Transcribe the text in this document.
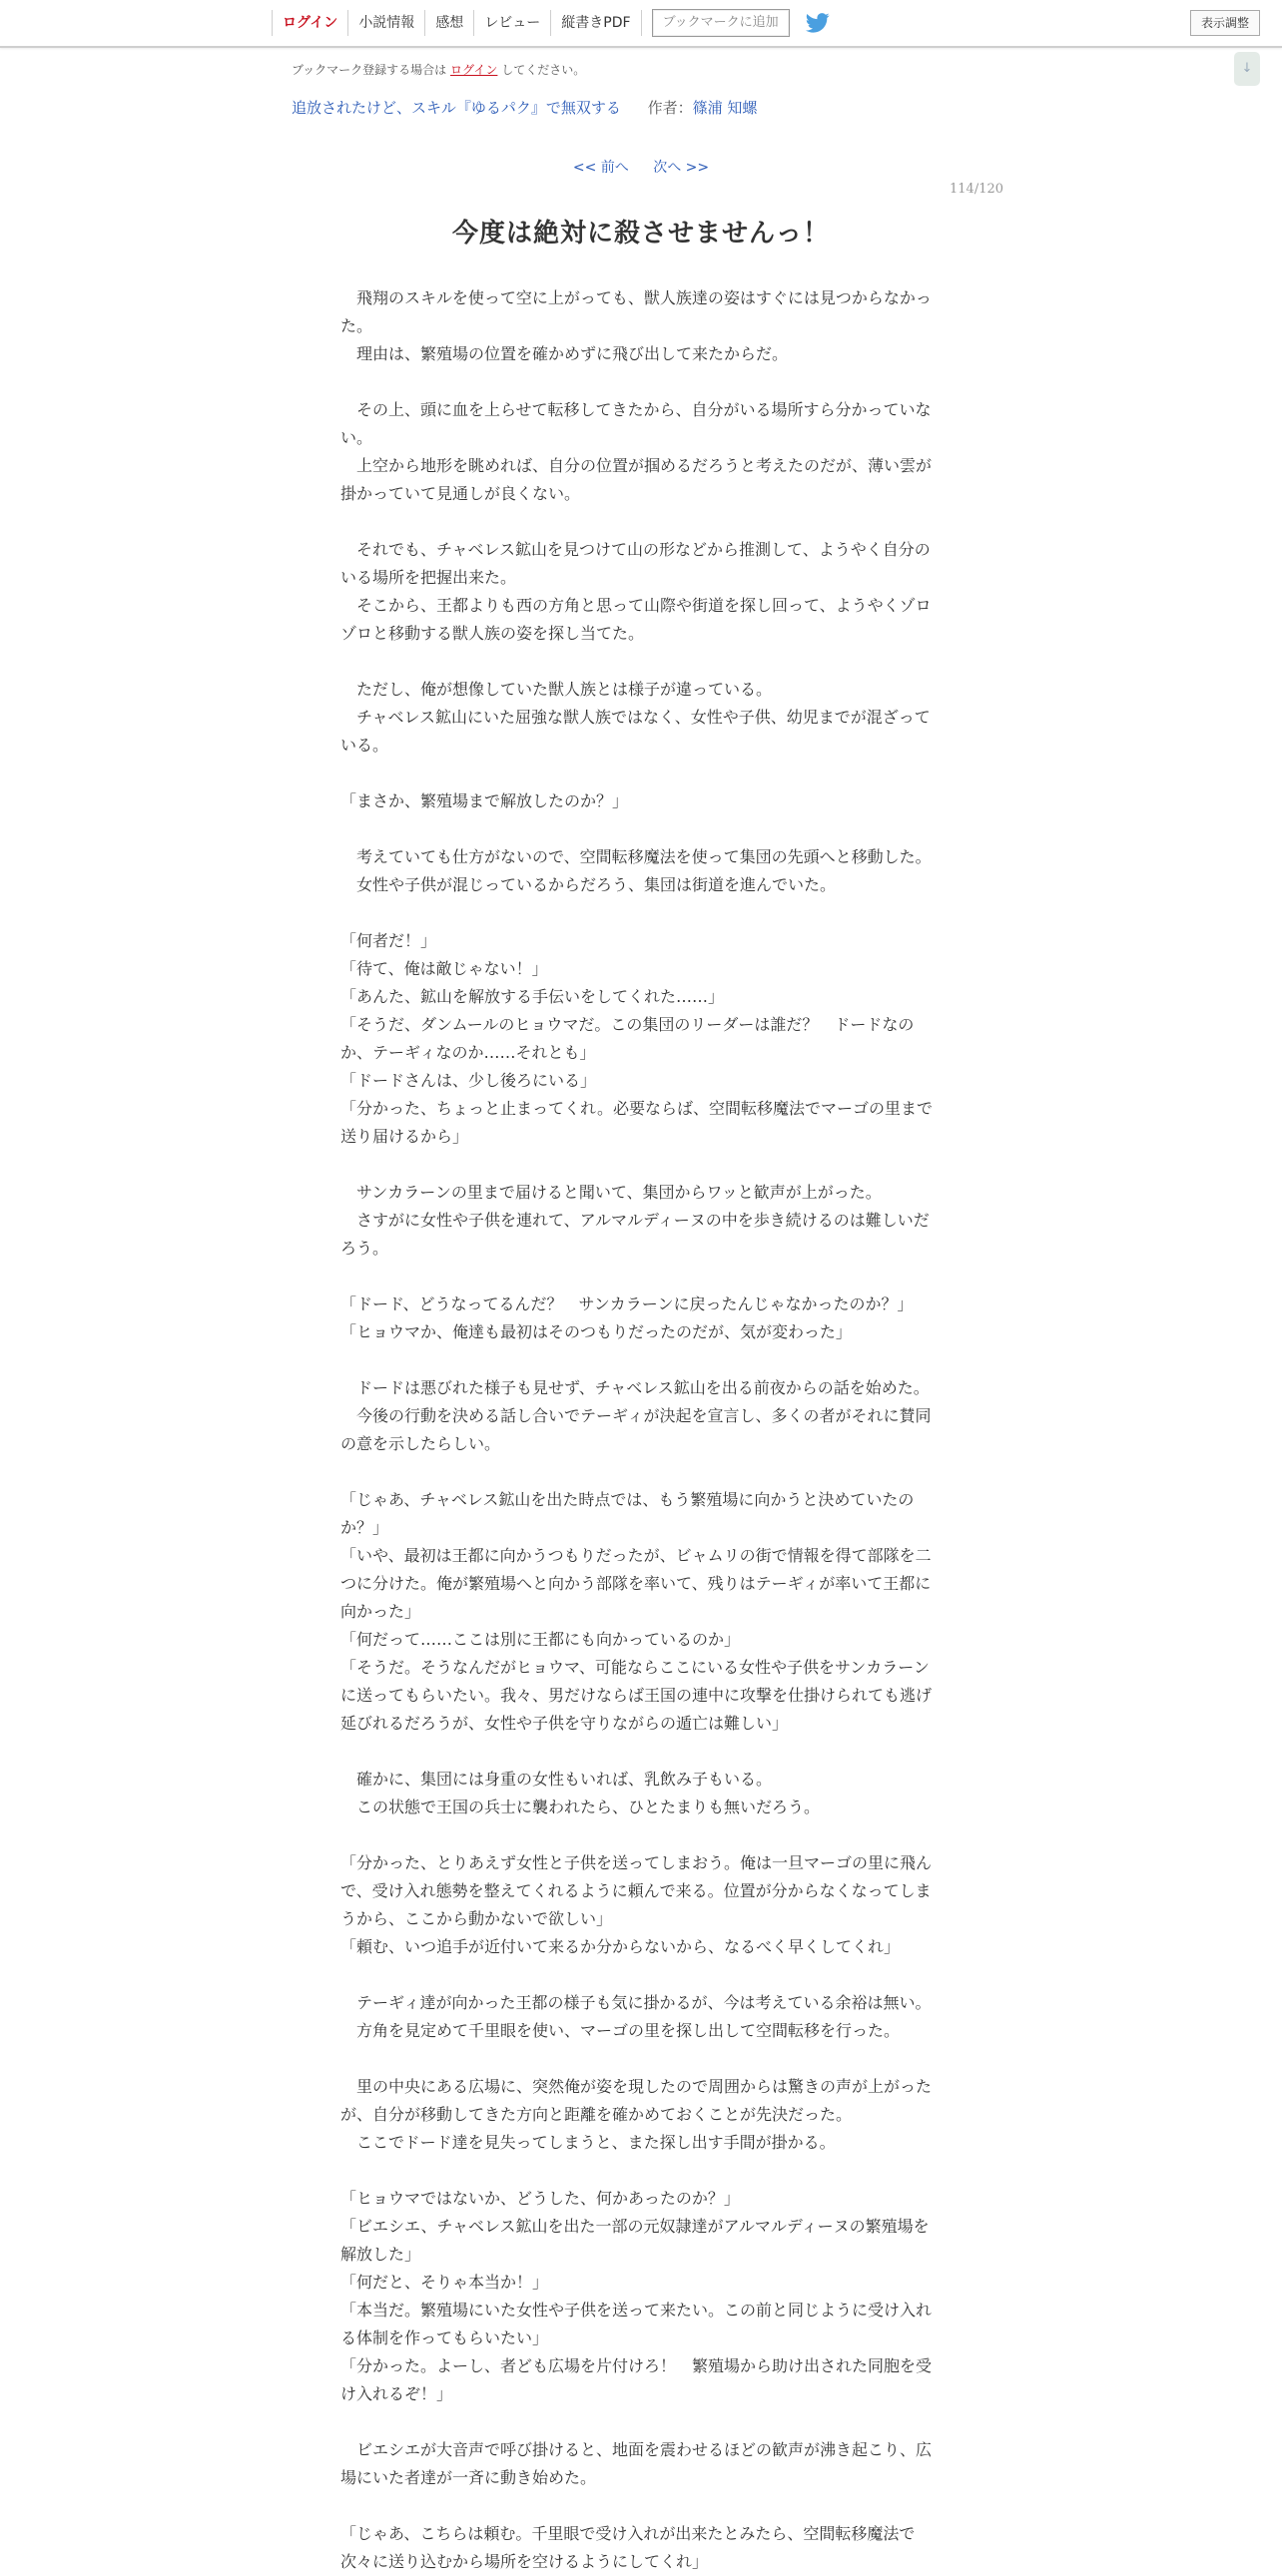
ログイン	小説情報	感想	レビュー	縦書きPDF	ブックマークに追加	表示調整
↓
ブックマーク登録する場合は ログイン してください。
追放されたけど、スキル『ゆるパク』で無双する 作者：篠浦 知螺
<< 前へ 次へ >>
114/120
今度は絶対に殺させませんっ！

　飛翔のスキルを使って空に上がっても、獣人族達の姿はすぐには見つからなかった。

　理由は、繁殖場の位置を確かめずに飛び出して来たからだ。

　その上、頭に血を上らせて転移してきたから、自分がいる場所すら分かっていない。

　上空から地形を眺めれば、自分の位置が掴めるだろうと考えたのだが、薄い雲が掛かっていて見通しが良くない。

　それでも、チャベレス鉱山を見つけて山の形などから推測して、ようやく自分のいる場所を把握出来た。

　そこから、王都よりも西の方角と思って山際や街道を探し回って、ようやくゾロゾロと移動する獣人族の姿を探し当てた。

　ただし、俺が想像していた獣人族とは様子が違っている。

　チャベレス鉱山にいた屈強な獣人族ではなく、女性や子供、幼児までが混ざっている。

「まさか、繁殖場まで解放したのか？」

　考えていても仕方がないので、空間転移魔法を使って集団の先頭へと移動した。

　女性や子供が混じっているからだろう、集団は街道を進んでいた。

「何者だ！」

「待て、俺は敵じゃない！」

「あんた、鉱山を解放する手伝いをしてくれた……」

「そうだ、ダンムールのヒョウマだ。この集団のリーダーは誰だ？　ドードなのか、テーギィなのか……それとも」

「ドードさんは、少し後ろにいる」

「分かった、ちょっと止まってくれ。必要ならば、空間転移魔法でマーゴの里まで送り届けるから」

　サンカラーンの里まで届けると聞いて、集団からワッと歓声が上がった。

　さすがに女性や子供を連れて、アルマルディーヌの中を歩き続けるのは難しいだろう。

「ドード、どうなってるんだ？　サンカラーンに戻ったんじゃなかったのか？」

「ヒョウマか、俺達も最初はそのつもりだったのだが、気が変わった」

　ドードは悪びれた様子も見せず、チャベレス鉱山を出る前夜からの話を始めた。

　今後の行動を決める話し合いでテーギィが決起を宣言し、多くの者がそれに賛同の意を示したらしい。

「じゃあ、チャベレス鉱山を出た時点では、もう繁殖場に向かうと決めていたのか？」

「いや、最初は王都に向かうつもりだったが、ビャムリの街で情報を得て部隊を二つに分けた。俺が繁殖場へと向かう部隊を率いて、残りはテーギィが率いて王都に向かった」

「何だって……ここは別に王都にも向かっているのか」

「そうだ。そうなんだがヒョウマ、可能ならここにいる女性や子供をサンカラーンに送ってもらいたい。我々、男だけならば王国の連中に攻撃を仕掛けられても逃げ延びれるだろうが、女性や子供を守りながらの遁亡は難しい」

　確かに、集団には身重の女性もいれば、乳飲み子もいる。

　この状態で王国の兵士に襲われたら、ひとたまりも無いだろう。

「分かった、とりあえず女性と子供を送ってしまおう。俺は一旦マーゴの里に飛んで、受け入れ態勢を整えてくれるように頼んで来る。位置が分からなくなってしまうから、ここから動かないで欲しい」

「頼む、いつ追手が近付いて来るか分からないから、なるべく早くしてくれ」

　テーギィ達が向かった王都の様子も気に掛かるが、今は考えている余裕は無い。

　方角を見定めて千里眼を使い、マーゴの里を探し出して空間転移を行った。

　里の中央にある広場に、突然俺が姿を現したので周囲からは驚きの声が上がったが、自分が移動してきた方向と距離を確かめておくことが先決だった。

　ここでドード達を見失ってしまうと、また探し出す手間が掛かる。

「ヒョウマではないか、どうした、何かあったのか？」

「ビエシエ、チャベレス鉱山を出た一部の元奴隷達がアルマルディーヌの繁殖場を解放した」

「何だと、そりゃ本当か！」

「本当だ。繁殖場にいた女性や子供を送って来たい。この前と同じように受け入れる体制を作ってもらいたい」

「分かった。よーし、者ども広場を片付けろ！　繁殖場から助け出された同胞を受け入れるぞ！」

　ビエシエが大音声で呼び掛けると、地面を震わせるほどの歓声が沸き起こり、広場にいた者達が一斉に動き始めた。

「じゃあ、こちらは頼む。千里眼で受け入れが出来たとみたら、空間転移魔法で次々に送り込むから場所を空けるようにしてくれ」
